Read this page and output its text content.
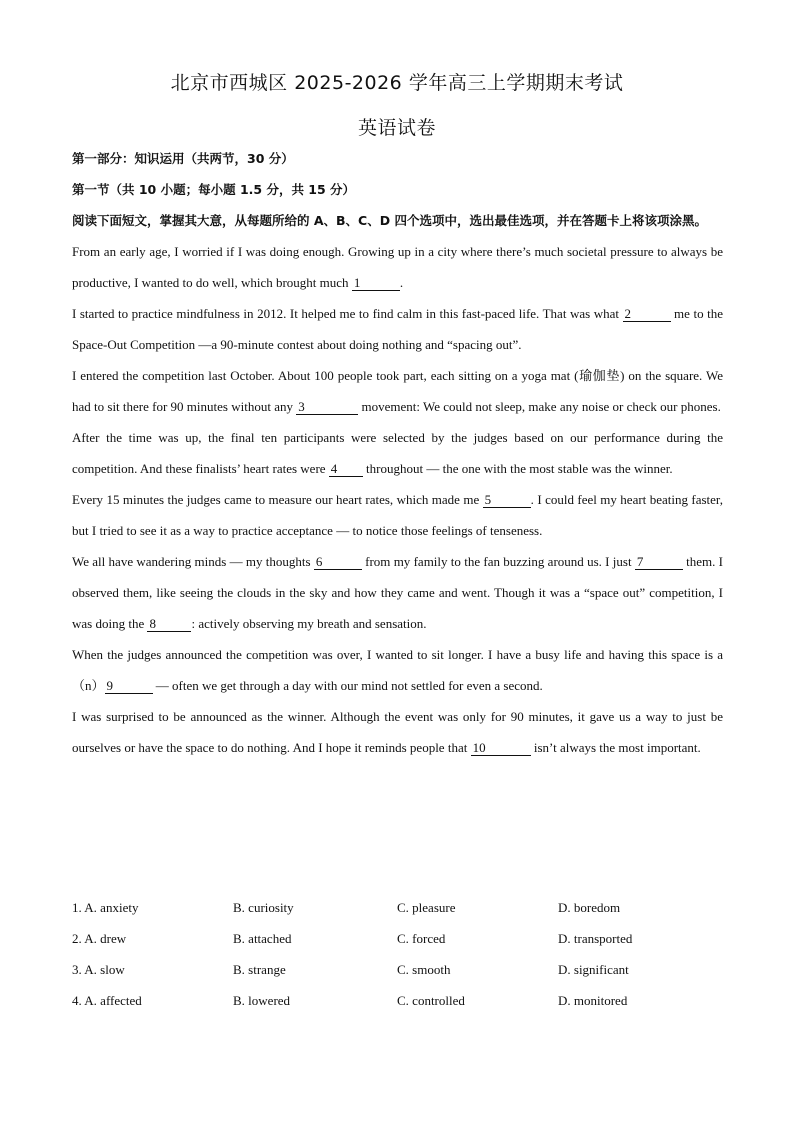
北京市西城区 2025-2026 学年高三上学期期末考试
英语试卷
第一部分：知识运用（共两节，30 分）
第一节（共 10 小题；每小题 1.5 分，共 15 分）
阅读下面短文，掌握其大意，从每题所给的 A、B、C、D 四个选项中，选出最佳选项，并在答题卡上将该项涂黑。

From an early age, I worried if I was doing enough. Growing up in a city where there’s much societal pressure to always be productive, I wanted to do well, which brought much 1	.

I started to practice mindfulness in 2012. It helped me to find calm in this fast-paced life. That was what 2	me to the Space-Out Competition —a 90-minute contest about doing nothing and “spacing out”.

I entered the competition last October. About 100 people took part, each sitting on a yoga mat (瑜伽垫) on the square. We had to sit there for 90 minutes without any 3	movement: We could not sleep, make any noise or check our phones.

After the time was up, the final ten participants were selected by the judges based on our performance during the competition. And these finalists’ heart rates were 4 throughout — the one with the most stable was the winner.

Every 15 minutes the judges came to measure our heart rates, which made me 5	. I could feel my heart beating faster, but I tried to see it as a way to practice acceptance — to notice those feelings of tenseness.

We all have wandering minds — my thoughts 6	from my family to the fan buzzing around us. I just 7	them. I observed them, like seeing the clouds in the sky and how they came and went. Though it was a “space out” competition, I was doing the 8	: actively observing my breath and sensation.

When the judges announced the competition was over, I wanted to sit longer. I have a busy life and having this space is a（n） 9	— often we get through a day with our mind not settled for even a second.

I was surprised to be announced as the winner. Although the event was only for 90 minutes, it gave us a way to just be ourselves or have the space to do nothing. And I hope it reminds people that 10	isn’t always the most important.

1. A. anxiety	B. curiosity	C. pleasure	D. boredom
2. A. drew	B. attached	C. forced	D. transported
3. A. slow	B. strange	C. smooth	D. significant
4. A. affected	B. lowered	C. controlled	D. monitored
